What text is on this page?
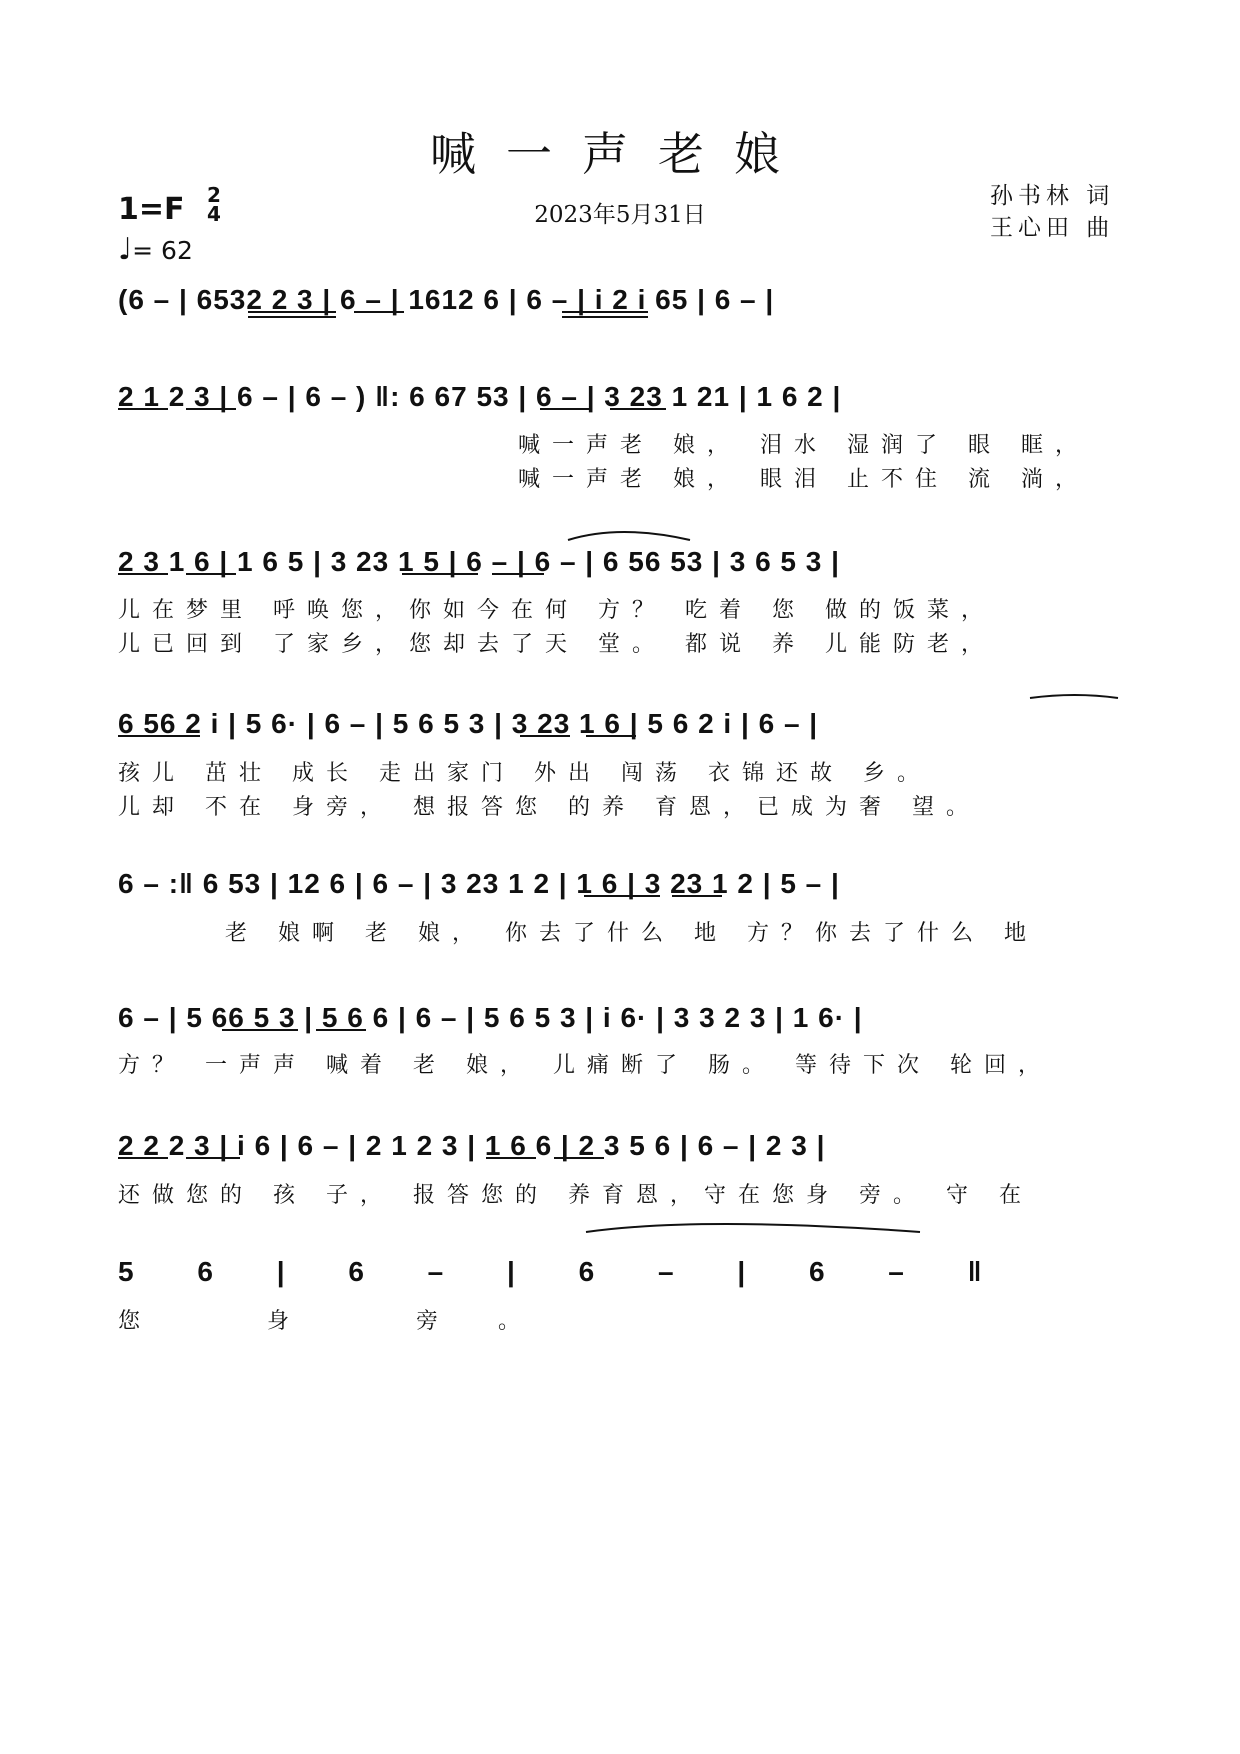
喊一声老娘
1=F 2
4
♩= 62
2023年5月31日
孙书林 词
王心田 曲
(6 – | 6532 2 3 | 6 – | 1612 6 | 6 – | i 2 i 65 | 6 – |
2 1 2 3 | 6 – | 6 – ) ‖: 6 67 53 | 6 – | 3 23 1 21 | 1 6 2 |
喊一声老 娘， 泪水 湿润了 眼 眶，
喊一声老 娘， 眼泪 止不住 流 淌，
2 3 1 6 | 1 6 5 | 3 23 1 5 | 6 – | 6 – | 6 56 53 | 3 6 5 3 |
儿在梦里 呼唤您，你如今在何 方？ 吃着 您 做的饭菜，
儿已回到 了家乡，您却去了天 堂。 都说 养 儿能防老，
6 56 2 i | 5 6· | 6 – | 5 6 5 3 | 3 23 1 6 | 5 6 2 i | 6 – |
孩儿 茁壮 成长 走出家门 外出 闯荡 衣锦还故 乡。
儿却 不在 身旁， 想报答您 的养 育恩，已成为奢 望。
6 – :‖ 6 53 | 12 6 | 6 – | 3 23 1 2 | 1 6 | 3 23 1 2 | 5 – |
老 娘啊 老 娘， 你去了什么 地 方？你去了什么 地
6 – | 5 66 5 3 | 5 6 6 | 6 – | 5 6 5 3 | i 6· | 3 3 2 3 | 1 6· |
方？ 一声声 喊着 老 娘， 儿痛断了 肠。 等待下次 轮回，
2 2 2 3 | i 6 | 6 – | 2 1 2 3 | 1 6 6 | 2 3 5 6 | 6 – | 2 3 |
还做您的 孩 子， 报答您的 养育恩，守在您身 旁。 守 在
5 6 | 6 – | 6 – | 6 – ‖
您 身 旁。
